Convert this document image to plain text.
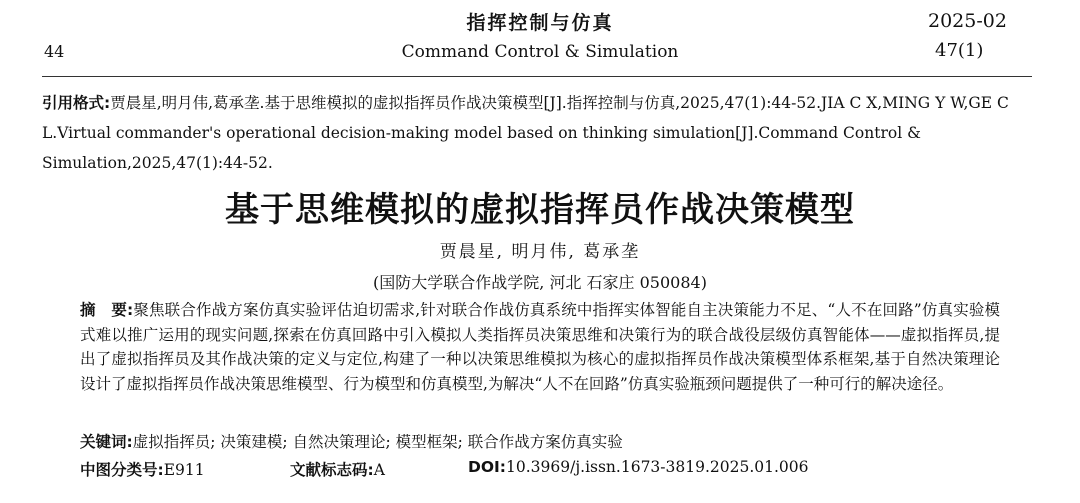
指挥控制与仿真	2025-02
44	Command Control & Simulation	47(1)
引用格式:贾晨星,明月伟,葛承垄.基于思维模拟的虚拟指挥员作战决策模型[J].指挥控制与仿真,2025,47(1):44-52.JIA C X,MING Y W,GE C L.Virtual commander's operational decision-making model based on thinking simulation[J].Command Control & Simulation,2025,47(1):44-52.
基于思维模拟的虚拟指挥员作战决策模型
贾晨星, 明月伟, 葛承垄
(国防大学联合作战学院, 河北 石家庄 050084)
摘　要:聚焦联合作战方案仿真实验评估迫切需求,针对联合作战仿真系统中指挥实体智能自主决策能力不足、“人不在回路”仿真实验模式难以推广运用的现实问题,探索在仿真回路中引入模拟人类指挥员决策思维和决策行为的联合战役层级仿真智能体——虚拟指挥员,提出了虚拟指挥员及其作战决策的定义与定位,构建了一种以决策思维模拟为核心的虚拟指挥员作战决策模型体系框架,基于自然决策理论设计了虚拟指挥员作战决策思维模型、行为模型和仿真模型,为解决“人不在回路”仿真实验瓶颈问题提供了一种可行的解决途径。
关键词:虚拟指挥员; 决策建模; 自然决策理论; 模型框架; 联合作战方案仿真实验
中图分类号:E911	文献标志码:A	DOI:10.3969/j.issn.1673-3819.2025.01.006
